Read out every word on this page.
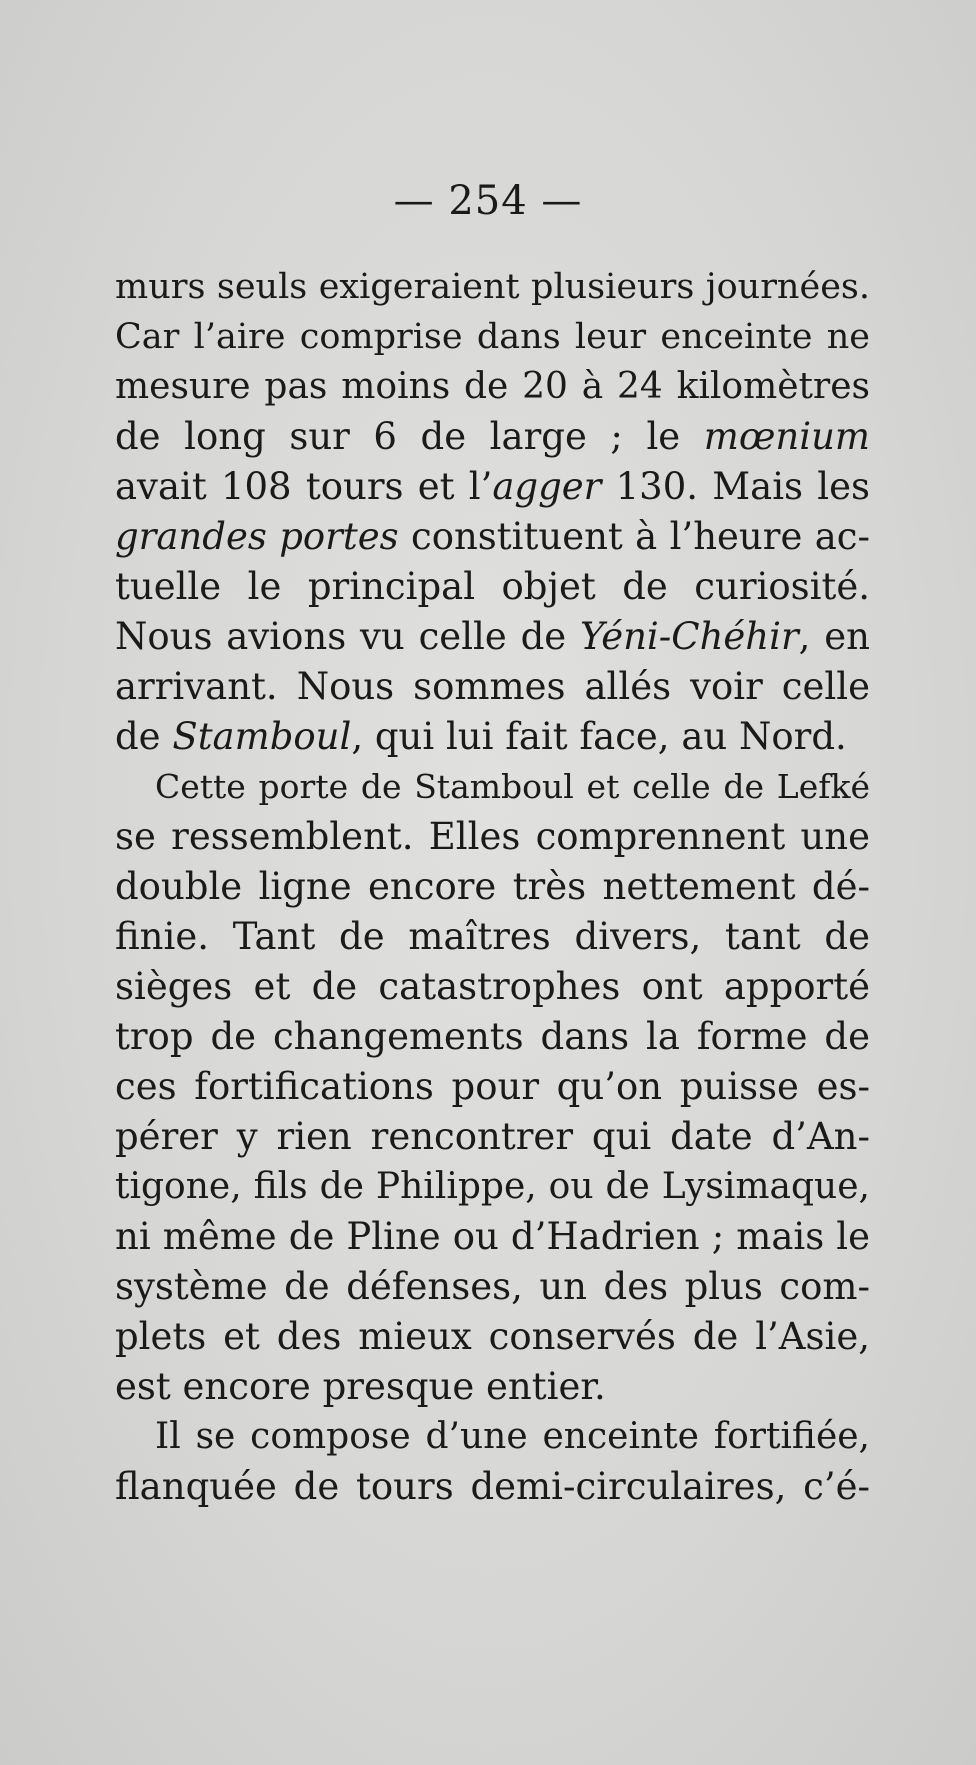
— 254 —
murs seuls exigeraient plusieurs journées.
Car l’aire comprise dans leur enceinte ne
mesure pas moins de 20 à 24 kilomètres
de long sur 6 de large ; le mœnium
avait 108 tours et l’agger 130. Mais les
grandes portes constituent à l’heure ac-
tuelle le principal objet de curiosité.
Nous avions vu celle de Yéni-Chéhir, en
arrivant. Nous sommes allés voir celle
de Stamboul, qui lui fait face, au Nord.
Cette porte de Stamboul et celle de Lefké
se ressemblent. Elles comprennent une
double ligne encore très nettement dé-
finie. Tant de maîtres divers, tant de
sièges et de catastrophes ont apporté
trop de changements dans la forme de
ces fortifications pour qu’on puisse es-
pérer y rien rencontrer qui date d’An-
tigone, fils de Philippe, ou de Lysimaque,
ni même de Pline ou d’Hadrien ; mais le
système de défenses, un des plus com-
plets et des mieux conservés de l’Asie,
est encore presque entier.
Il se compose d’une enceinte fortifiée,
flanquée de tours demi-circulaires, c’é-
